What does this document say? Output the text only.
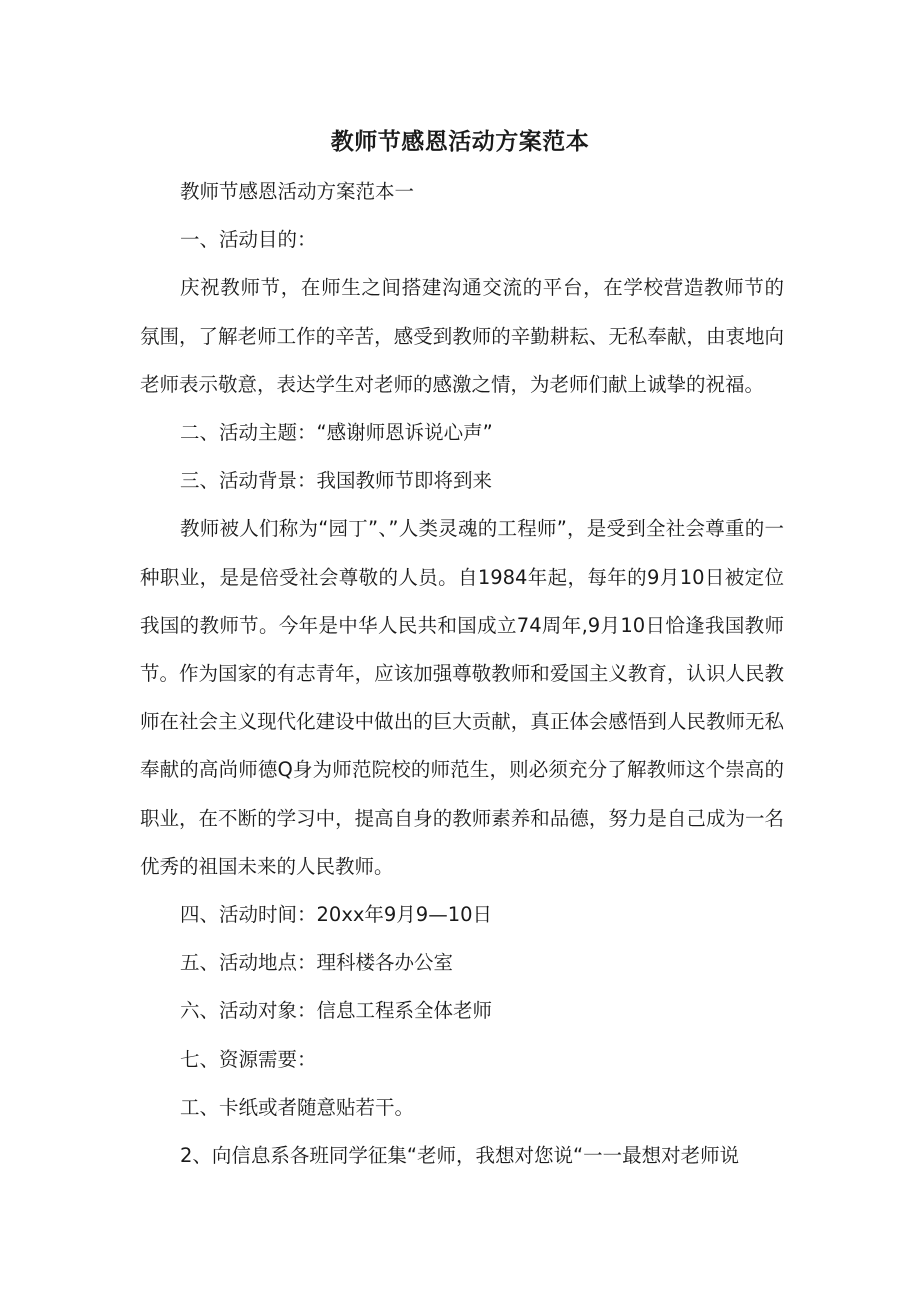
教师节感恩活动方案范本

教师节感恩活动方案范本一

一、活动目的：

庆祝教师节，在师生之间搭建沟通交流的平台，在学校营造教师节的氛围，了解老师工作的辛苦，感受到教师的辛勤耕耘、无私奉献，由衷地向老师表示敬意，表达学生对老师的感激之情，为老师们献上诚挚的祝福。

二、活动主题：“感谢师恩诉说心声”

三、活动背景：我国教师节即将到来

教师被人们称为“园丁”、”人类灵魂的工程师”，是受到全社会尊重的一种职业，是是倍受社会尊敬的人员。自1984年起，每年的9月10日被定位我国的教师节。今年是中华人民共和国成立74周年,9月10日恰逢我国教师节。作为国家的有志青年，应该加强尊敬教师和爱国主义教育，认识人民教师在社会主义现代化建设中做出的巨大贡献，真正体会感悟到人民教师无私奉献的高尚师德Q身为师范院校的师范生，则必须充分了解教师这个崇高的职业，在不断的学习中，提高自身的教师素养和品德，努力是自己成为一名优秀的祖国未来的人民教师。

四、活动时间：20xx年9月9—10日

五、活动地点：理科楼各办公室

六、活动对象：信息工程系全体老师

七、资源需要：

工、卡纸或者随意贴若干。

2、向信息系各班同学征集“老师，我想对您说“一一最想对老师说
